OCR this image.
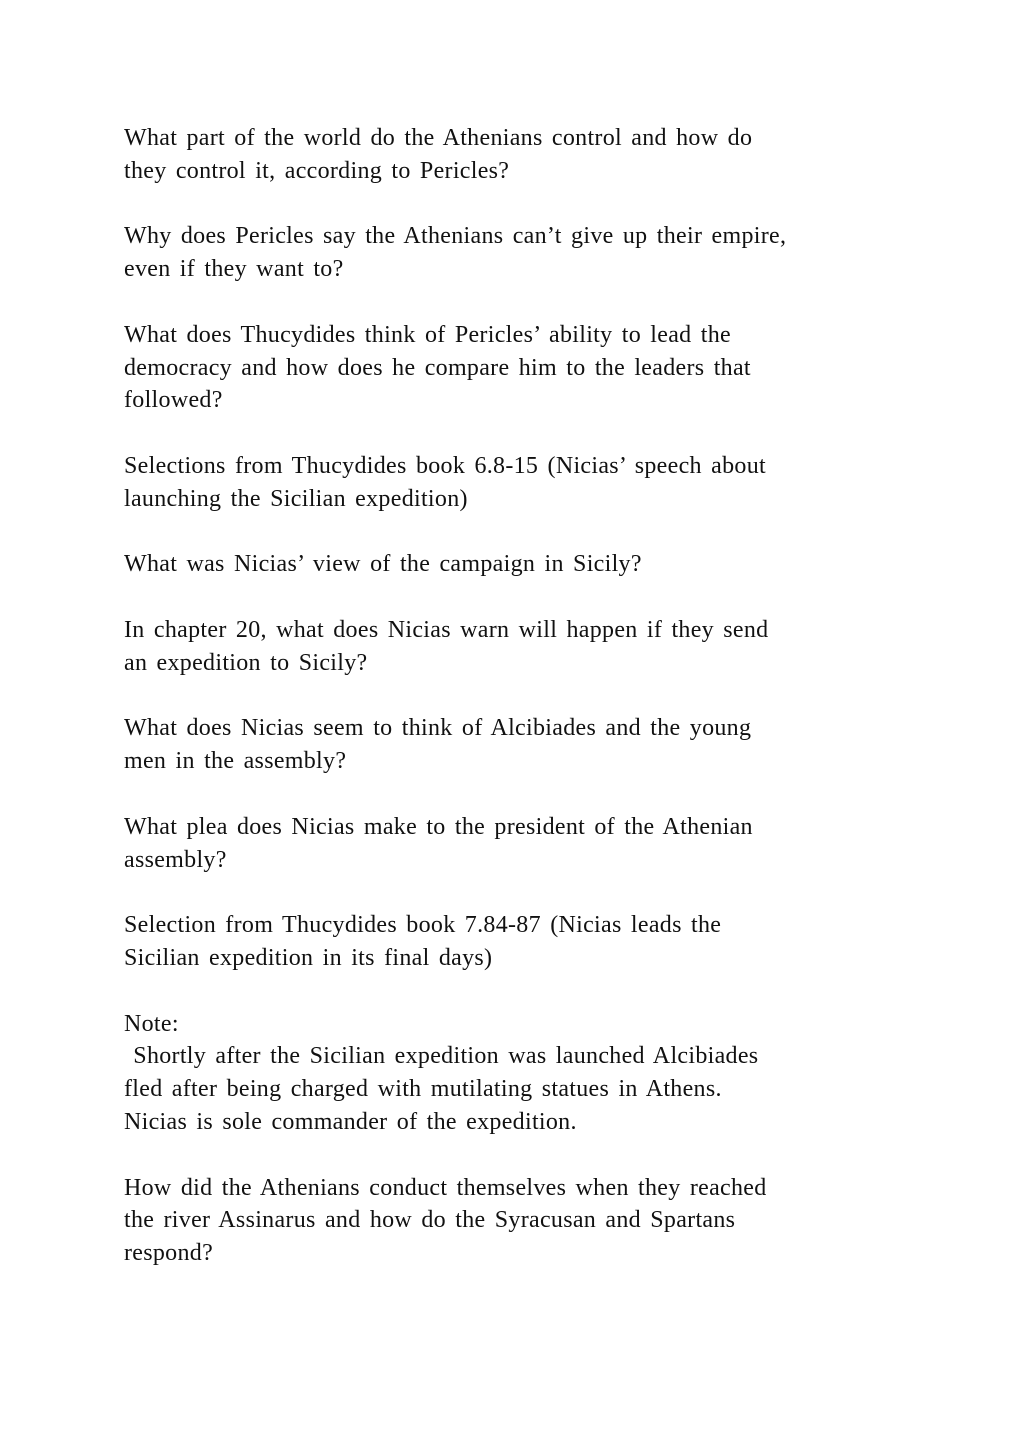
What part of the world do the Athenians control and how do
they control it, according to Pericles?

Why does Pericles say the Athenians can’t give up their empire,
even if they want to?

What does Thucydides think of Pericles’ ability to lead the
democracy and how does he compare him to the leaders that
followed?

Selections from Thucydides book 6.8-15 (Nicias’ speech about
launching the Sicilian expedition)

What was Nicias’ view of the campaign in Sicily?

In chapter 20, what does Nicias warn will happen if they send
an expedition to Sicily?

What does Nicias seem to think of Alcibiades and the young
men in the assembly?

What plea does Nicias make to the president of the Athenian
assembly?

Selection from Thucydides book 7.84-87 (Nicias leads the
Sicilian expedition in its final days)

Note:
Shortly after the Sicilian expedition was launched Alcibiades
fled after being charged with mutilating statues in Athens.
Nicias is sole commander of the expedition.

How did the Athenians conduct themselves when they reached
the river Assinarus and how do the Syracusan and Spartans
respond?
